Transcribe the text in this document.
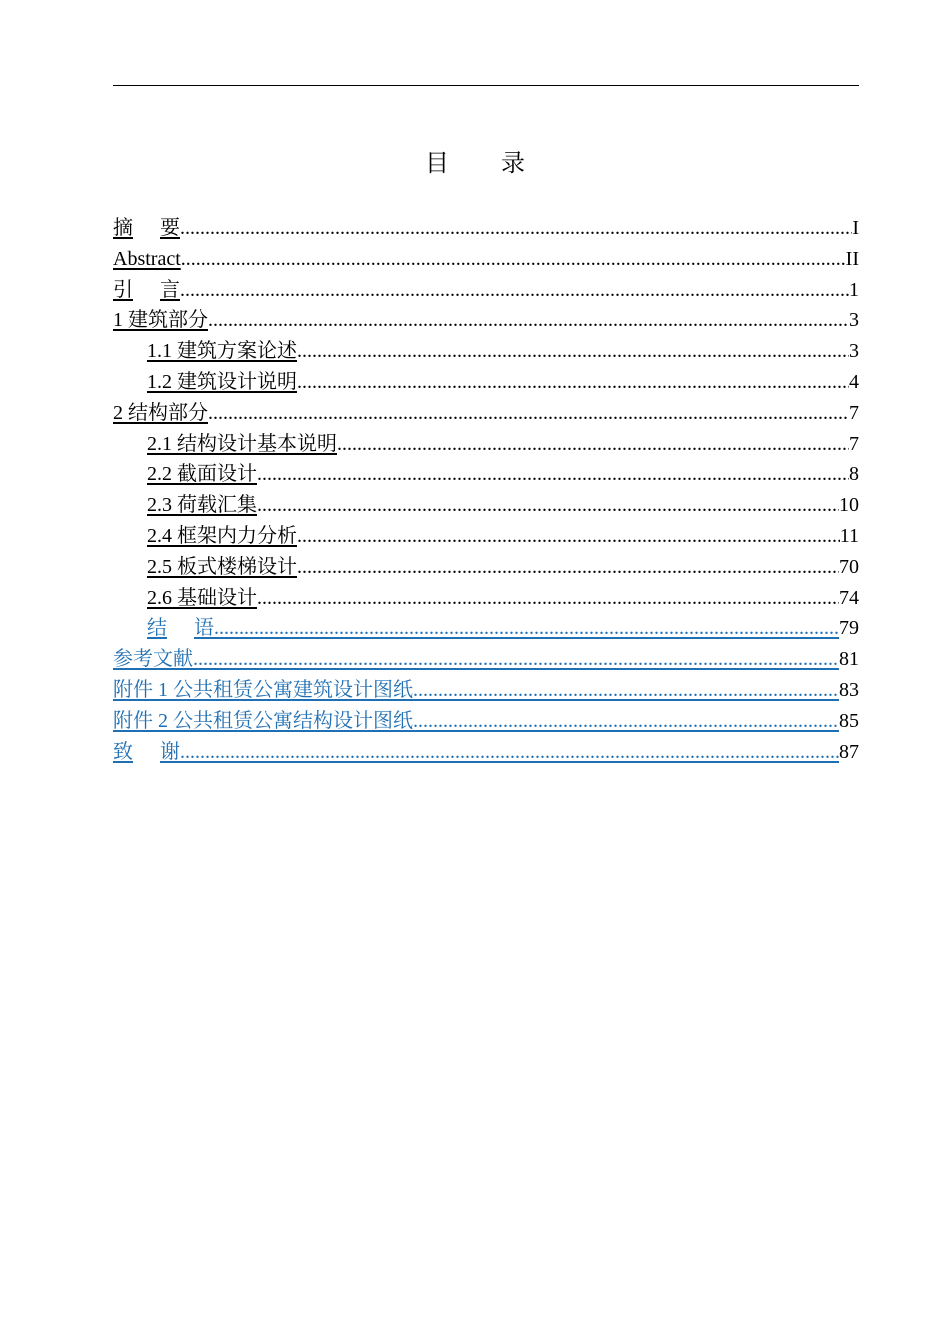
目 录
摘 要 .....	I
Abstract .....	II
引 言 .....	1
1 建筑部分 .....	3
1.1 建筑方案论述 .....	3
1.2 建筑设计说明 .....	4
2 结构部分 .....	7
2.1 结构设计基本说明 .....	7
2.2 截面设计 .....	8
2.3 荷载汇集 .....	10
2.4 框架内力分析 .....	11
2.5 板式楼梯设计 .....	70
2.6 基础设计 .....	74
结 语 .....	79
参考文献 .....	81
附件 1 公共租赁公寓建筑设计图纸 .....	83
附件 2 公共租赁公寓结构设计图纸 .....	85
致 谢 .....	87
